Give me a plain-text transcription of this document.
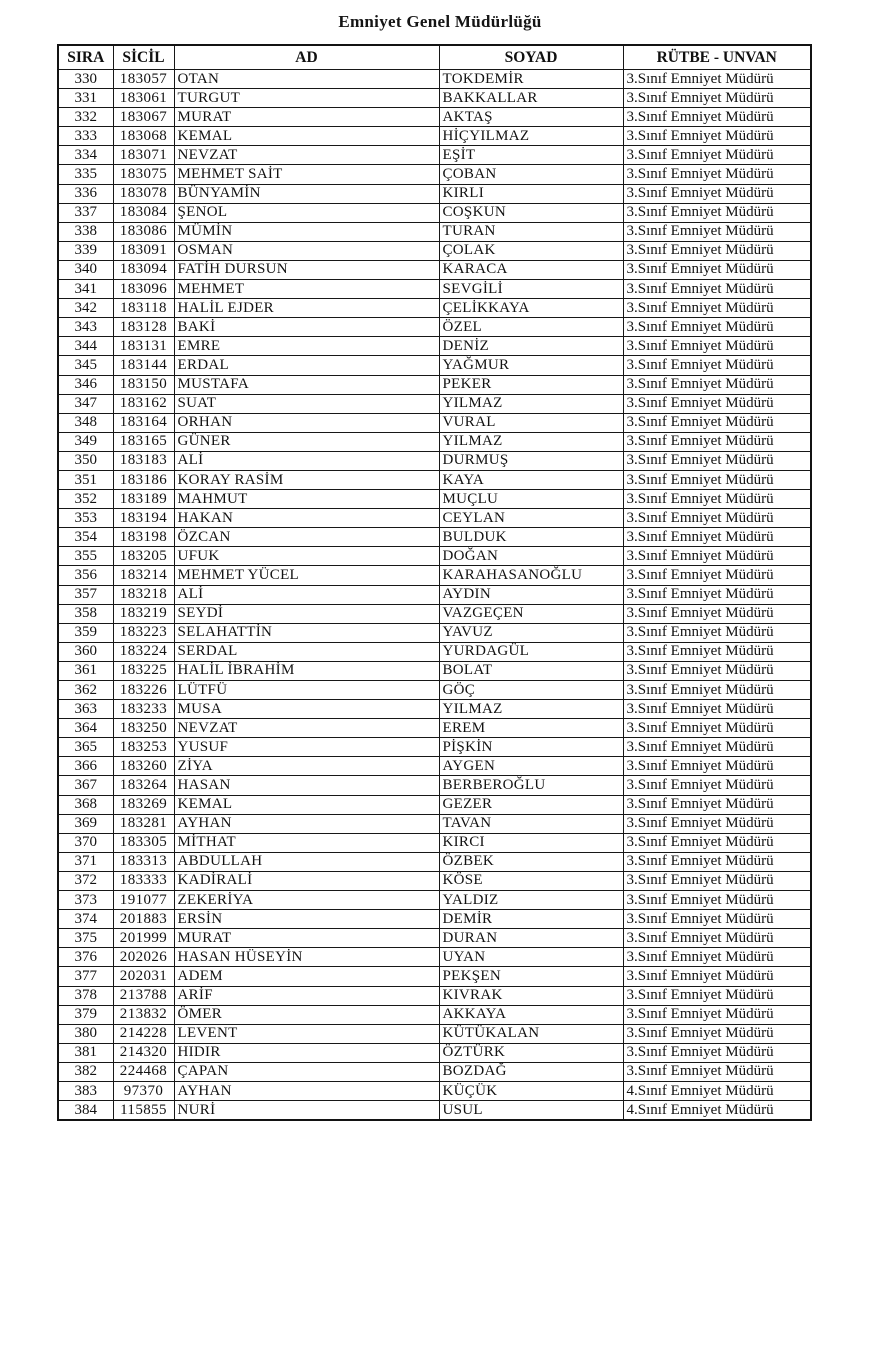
Emniyet Genel Müdürlüğü
SIRA	SİCİL	AD	SOYAD	RÜTBE - UNVAN
330	183057	OTAN	TOKDEMİR	3.Sınıf Emniyet Müdürü
331	183061	TURGUT	BAKKALLAR	3.Sınıf Emniyet Müdürü
332	183067	MURAT	AKTAŞ	3.Sınıf Emniyet Müdürü
333	183068	KEMAL	HİÇYILMAZ	3.Sınıf Emniyet Müdürü
334	183071	NEVZAT	EŞİT	3.Sınıf Emniyet Müdürü
335	183075	MEHMET SAİT	ÇOBAN	3.Sınıf Emniyet Müdürü
336	183078	BÜNYAMİN	KIRLI	3.Sınıf Emniyet Müdürü
337	183084	ŞENOL	COŞKUN	3.Sınıf Emniyet Müdürü
338	183086	MÜMİN	TURAN	3.Sınıf Emniyet Müdürü
339	183091	OSMAN	ÇOLAK	3.Sınıf Emniyet Müdürü
340	183094	FATİH DURSUN	KARACA	3.Sınıf Emniyet Müdürü
341	183096	MEHMET	SEVGİLİ	3.Sınıf Emniyet Müdürü
342	183118	HALİL EJDER	ÇELİKKAYA	3.Sınıf Emniyet Müdürü
343	183128	BAKİ	ÖZEL	3.Sınıf Emniyet Müdürü
344	183131	EMRE	DENİZ	3.Sınıf Emniyet Müdürü
345	183144	ERDAL	YAĞMUR	3.Sınıf Emniyet Müdürü
346	183150	MUSTAFA	PEKER	3.Sınıf Emniyet Müdürü
347	183162	SUAT	YILMAZ	3.Sınıf Emniyet Müdürü
348	183164	ORHAN	VURAL	3.Sınıf Emniyet Müdürü
349	183165	GÜNER	YILMAZ	3.Sınıf Emniyet Müdürü
350	183183	ALİ	DURMUŞ	3.Sınıf Emniyet Müdürü
351	183186	KORAY RASİM	KAYA	3.Sınıf Emniyet Müdürü
352	183189	MAHMUT	MUÇLU	3.Sınıf Emniyet Müdürü
353	183194	HAKAN	CEYLAN	3.Sınıf Emniyet Müdürü
354	183198	ÖZCAN	BULDUK	3.Sınıf Emniyet Müdürü
355	183205	UFUK	DOĞAN	3.Sınıf Emniyet Müdürü
356	183214	MEHMET YÜCEL	KARAHASANOĞLU	3.Sınıf Emniyet Müdürü
357	183218	ALİ	AYDIN	3.Sınıf Emniyet Müdürü
358	183219	SEYDİ	VAZGEÇEN	3.Sınıf Emniyet Müdürü
359	183223	SELAHATTİN	YAVUZ	3.Sınıf Emniyet Müdürü
360	183224	SERDAL	YURDAGÜL	3.Sınıf Emniyet Müdürü
361	183225	HALİL İBRAHİM	BOLAT	3.Sınıf Emniyet Müdürü
362	183226	LÜTFÜ	GÖÇ	3.Sınıf Emniyet Müdürü
363	183233	MUSA	YILMAZ	3.Sınıf Emniyet Müdürü
364	183250	NEVZAT	EREM	3.Sınıf Emniyet Müdürü
365	183253	YUSUF	PİŞKİN	3.Sınıf Emniyet Müdürü
366	183260	ZİYA	AYGEN	3.Sınıf Emniyet Müdürü
367	183264	HASAN	BERBEROĞLU	3.Sınıf Emniyet Müdürü
368	183269	KEMAL	GEZER	3.Sınıf Emniyet Müdürü
369	183281	AYHAN	TAVAN	3.Sınıf Emniyet Müdürü
370	183305	MİTHAT	KIRCI	3.Sınıf Emniyet Müdürü
371	183313	ABDULLAH	ÖZBEK	3.Sınıf Emniyet Müdürü
372	183333	KADİRALİ	KÖSE	3.Sınıf Emniyet Müdürü
373	191077	ZEKERİYA	YALDIZ	3.Sınıf Emniyet Müdürü
374	201883	ERSİN	DEMİR	3.Sınıf Emniyet Müdürü
375	201999	MURAT	DURAN	3.Sınıf Emniyet Müdürü
376	202026	HASAN HÜSEYİN	UYAN	3.Sınıf Emniyet Müdürü
377	202031	ADEM	PEKŞEN	3.Sınıf Emniyet Müdürü
378	213788	ARİF	KIVRAK	3.Sınıf Emniyet Müdürü
379	213832	ÖMER	AKKAYA	3.Sınıf Emniyet Müdürü
380	214228	LEVENT	KÜTÜKALAN	3.Sınıf Emniyet Müdürü
381	214320	HIDIR	ÖZTÜRK	3.Sınıf Emniyet Müdürü
382	224468	ÇAPAN	BOZDAĞ	3.Sınıf Emniyet Müdürü
383	97370	AYHAN	KÜÇÜK	4.Sınıf Emniyet Müdürü
384	115855	NURİ	USUL	4.Sınıf Emniyet Müdürü
